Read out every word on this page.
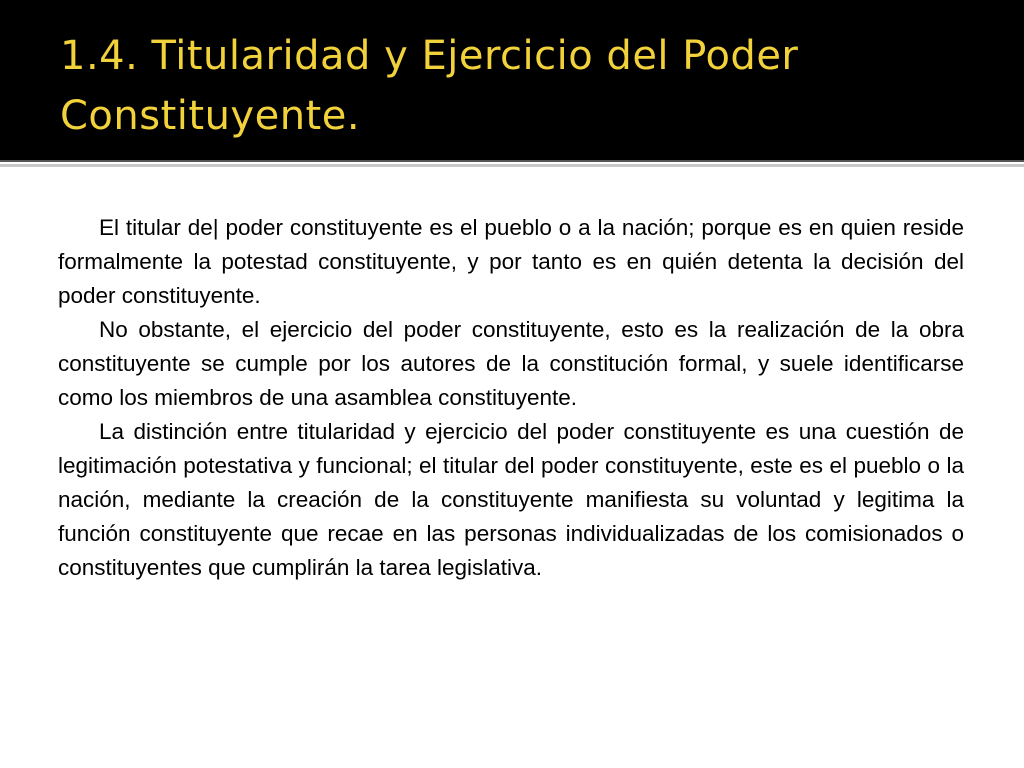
1.4. Titularidad y Ejercicio del Poder Constituyente.

El titular de| poder constituyente es el pueblo o a la nación; porque es en quien reside formalmente la potestad constituyente, y por tanto es en quién detenta la decisión del poder constituyente.

No obstante, el ejercicio del poder constituyente, esto es la realización de la obra constituyente se cumple por los autores de la constitución formal, y suele identificarse como los miembros de una asamblea constituyente.

La distinción entre titularidad y ejercicio del poder constituyente es una cuestión de legitimación potestativa y funcional; el titular del poder constituyente, este es el pueblo o la nación, mediante la creación de la constituyente manifiesta su voluntad y legitima la función constituyente que recae en las personas individualizadas de los comisionados o constituyentes que cumplirán la tarea legislativa.
